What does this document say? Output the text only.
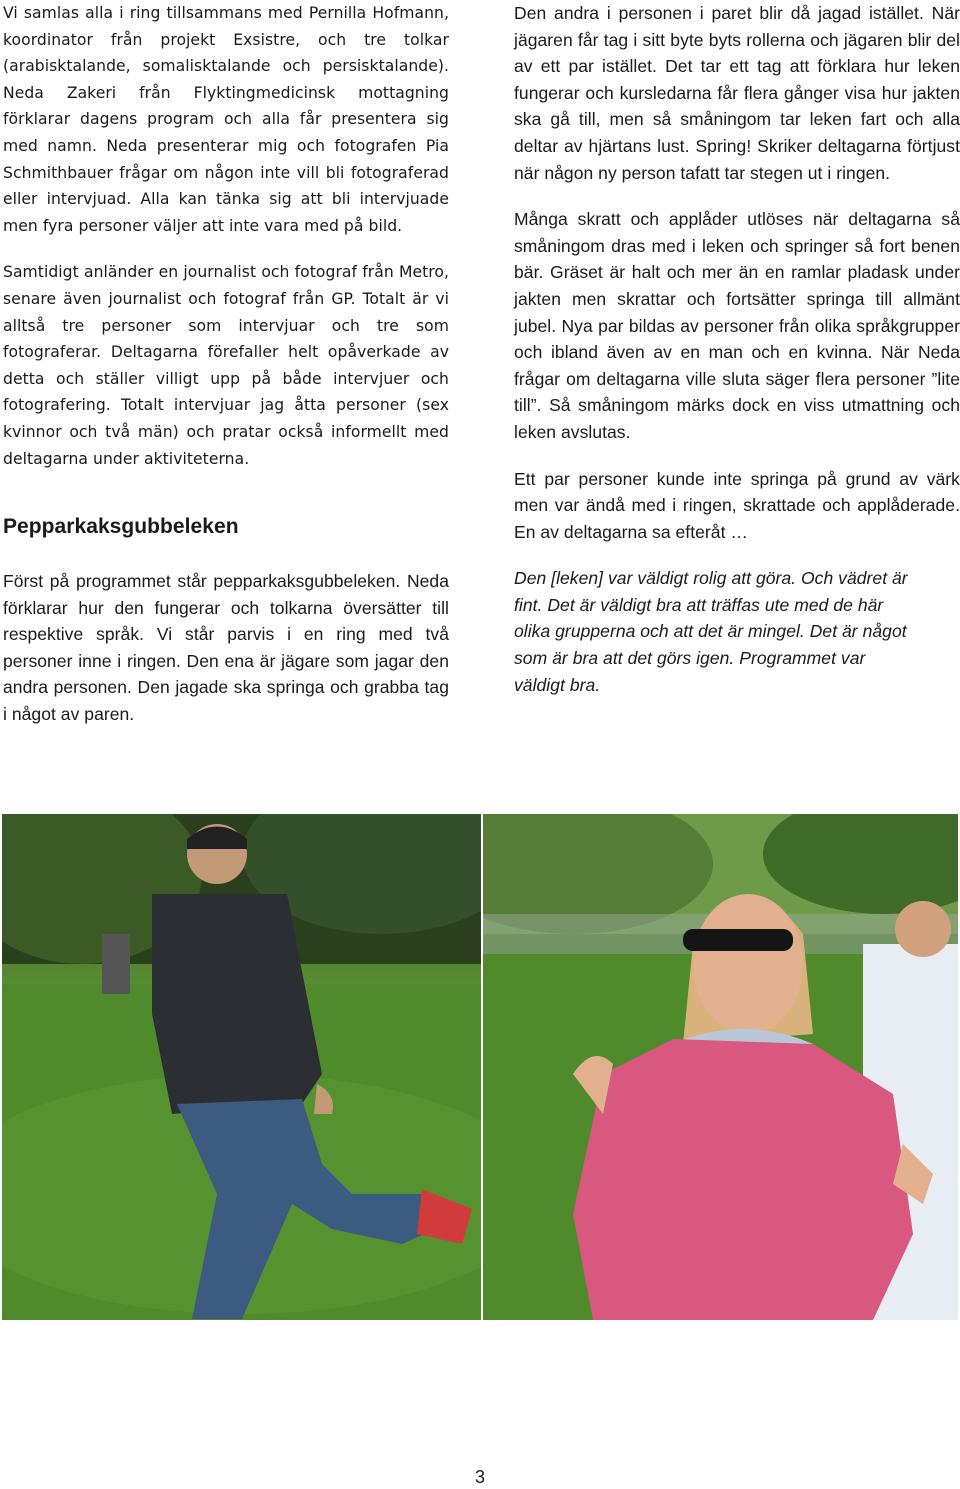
Vi samlas alla i ring tillsammans med Pernilla Hofmann, koordinator från projekt Exsistre, och tre tolkar (arabisktalande, somalisktalande och persisktalande). Neda Zakeri från Flyktingmedicinsk mottagning förklarar dagens program och alla får presentera sig med namn. Neda presenterar mig och fotografen Pia Schmithbauer frågar om någon inte vill bli fotograferad eller intervjuad. Alla kan tänka sig att bli intervjuade men fyra personer väljer att inte vara med på bild.

Samtidigt anländer en journalist och fotograf från Metro, senare även journalist och fotograf från GP. Totalt är vi alltså tre personer som intervjuar och tre som fotograferar. Deltagarna förefaller helt opåverkade av detta och ställer villigt upp på både intervjuer och fotografering. Totalt intervjuar jag åtta personer (sex kvinnor och två män) och pratar också informellt med deltagarna under aktiviteterna.

Pepparkaksgubbeleken

Först på programmet står pepparkaksgubbeleken. Neda förklarar hur den fungerar och tolkarna översätter till respektive språk. Vi står parvis i en ring med två personer inne i ringen. Den ena är jägare som jagar den andra personen. Den jagade ska springa och grabba tag i något av paren.

Den andra i personen i paret blir då jagad istället. När jägaren får tag i sitt byte byts rollerna och jägaren blir del av ett par istället. Det tar ett tag att förklara hur leken fungerar och kursledarna får flera gånger visa hur jakten ska gå till, men så småningom tar leken fart och alla deltar av hjärtans lust. Spring! Skriker deltagarna förtjust när någon ny person tafatt tar stegen ut i ringen.

Många skratt och applåder utlöses när deltagarna så småningom dras med i leken och springer så fort benen bär. Gräset är halt och mer än en ramlar pladask under jakten men skrattar och fortsätter springa till allmänt jubel. Nya par bildas av personer från olika språkgrupper och ibland även av en man och en kvinna. När Neda frågar om deltagarna ville sluta säger flera personer ”lite till”. Så småningom märks dock en viss utmattning och leken avslutas.

Ett par personer kunde inte springa på grund av värk men var ändå med i ringen, skrattade och applåderade. En av deltagarna sa efteråt …

Den [leken] var väldigt rolig att göra. Och vädret är fint. Det är väldigt bra att träffas ute med de här olika grupperna och att det är mingel. Det är något som är bra att det görs igen. Programmet var väldigt bra.

3
